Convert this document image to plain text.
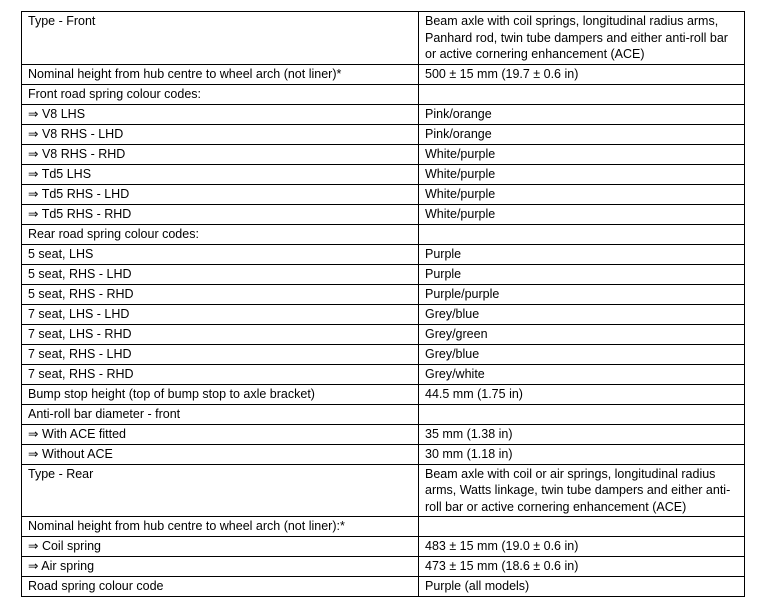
Type - Front	Beam axle with coil springs, longitudinal radius arms, Panhard rod, twin tube dampers and either anti-roll bar or active cornering enhancement (ACE)
Nominal height from hub centre to wheel arch (not liner)*	500 ± 15 mm (19.7 ± 0.6 in)
Front road spring colour codes:	
⇒ V8 LHS	Pink/orange
⇒ V8 RHS - LHD	Pink/orange
⇒ V8 RHS - RHD	White/purple
⇒ Td5 LHS	White/purple
⇒ Td5 RHS - LHD	White/purple
⇒ Td5 RHS - RHD	White/purple
Rear road spring colour codes:	
5 seat, LHS	Purple
5 seat, RHS - LHD	Purple
5 seat, RHS - RHD	Purple/purple
7 seat, LHS - LHD	Grey/blue
7 seat, LHS - RHD	Grey/green
7 seat, RHS - LHD	Grey/blue
7 seat, RHS - RHD	Grey/white
Bump stop height (top of bump stop to axle bracket)	44.5 mm (1.75 in)
Anti-roll bar diameter - front	
⇒ With ACE fitted	35 mm (1.38 in)
⇒ Without ACE	30 mm (1.18 in)
Type - Rear	Beam axle with coil or air springs, longitudinal radius arms, Watts linkage, twin tube dampers and either anti-roll bar or active cornering enhancement (ACE)
Nominal height from hub centre to wheel arch (not liner):*	
⇒ Coil spring	483 ± 15 mm (19.0 ± 0.6 in)
⇒ Air spring	473 ± 15 mm (18.6 ± 0.6 in)
Road spring colour code	Purple (all models)
